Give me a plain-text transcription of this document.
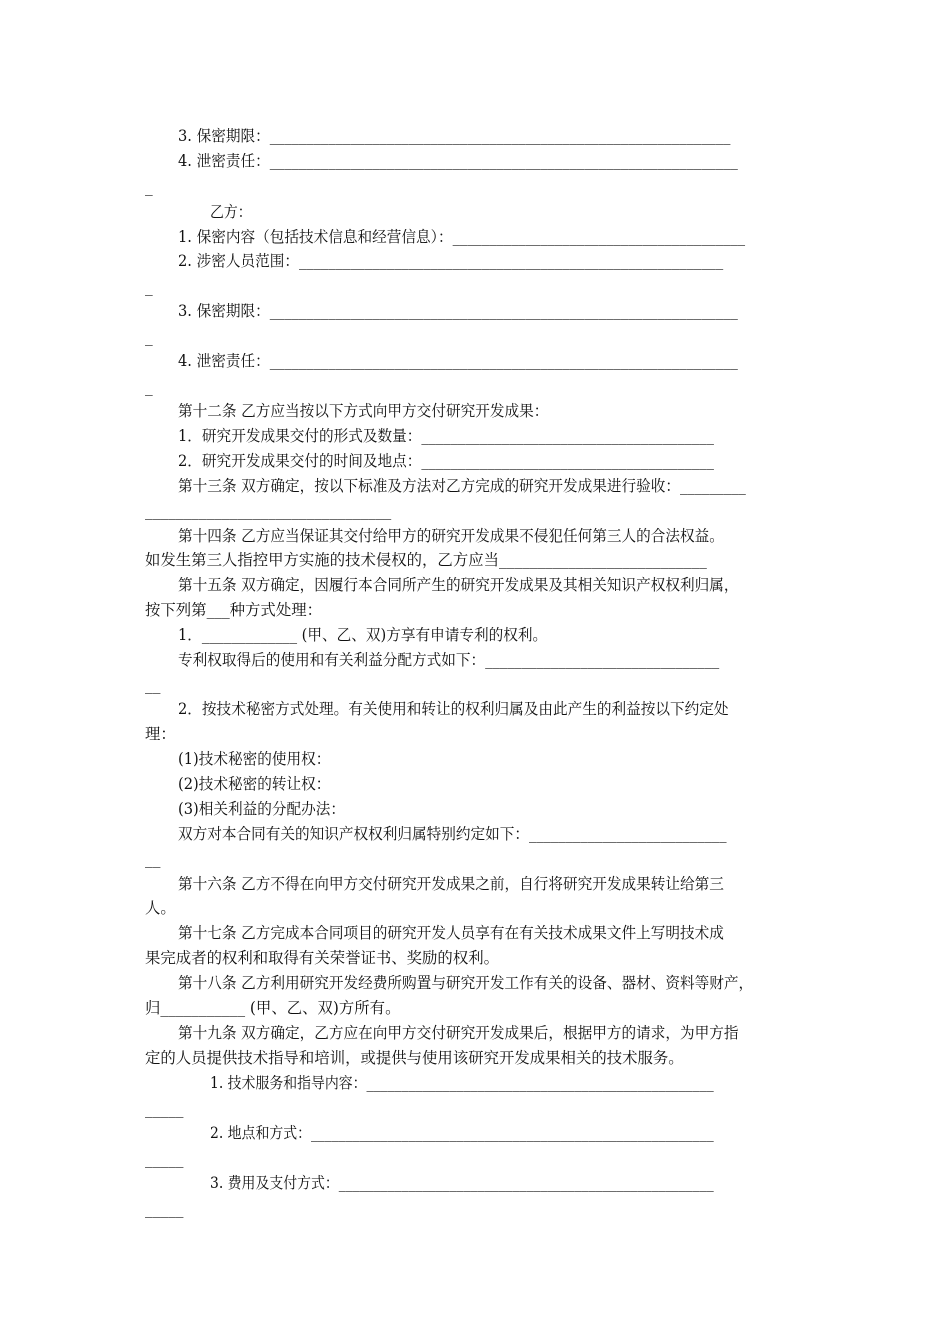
3. 保密期限：_______________________________________________________________
4. 泄密责任：________________________________________________________________
_
乙方：
1. 保密内容（包括技术信息和经营信息）：________________________________________
2. 涉密人员范围：__________________________________________________________
_
3. 保密期限：________________________________________________________________
_
4. 泄密责任：________________________________________________________________
_
第十二条 乙方应当按以下方式向甲方交付研究开发成果：
1．研究开发成果交付的形式及数量：________________________________________
2．研究开发成果交付的时间及地点：________________________________________
第十三条 双方确定，按以下标准及方法对乙方完成的研究开发成果进行验收：_________
________________________________
第十四条 乙方应当保证其交付给甲方的研究开发成果不侵犯任何第三人的合法权益。
如发生第三人指控甲方实施的技术侵权的，乙方应当___________________________
第十五条 双方确定，因履行本合同所产生的研究开发成果及其相关知识产权权利归属，
按下列第___种方式处理：
1．_____________ (甲、乙、双)方享有申请专利的权利。
专利权取得后的使用和有关利益分配方式如下：________________________________
__
2．按技术秘密方式处理。有关使用和转让的权利归属及由此产生的利益按以下约定处
理：
(1)技术秘密的使用权：
(2)技术秘密的转让权：
(3)相关利益的分配办法：
双方对本合同有关的知识产权权利归属特别约定如下：___________________________
__
第十六条 乙方不得在向甲方交付研究开发成果之前，自行将研究开发成果转让给第三
人。
第十七条 乙方完成本合同项目的研究开发人员享有在有关技术成果文件上写明技术成
果完成者的权利和取得有关荣誉证书、奖励的权利。
第十八条 乙方利用研究开发经费所购置与研究开发工作有关的设备、器材、资料等财产，
归___________ (甲、乙、双)方所有。
第十九条 双方确定，乙方应在向甲方交付研究开发成果后，根据甲方的请求，为甲方指
定的人员提供技术指导和培训，或提供与使用该研究开发成果相关的技术服务。
1. 技术服务和指导内容：__________________________________________________
_____
2. 地点和方式：__________________________________________________________
_____
3. 费用及支付方式：______________________________________________________
_____
